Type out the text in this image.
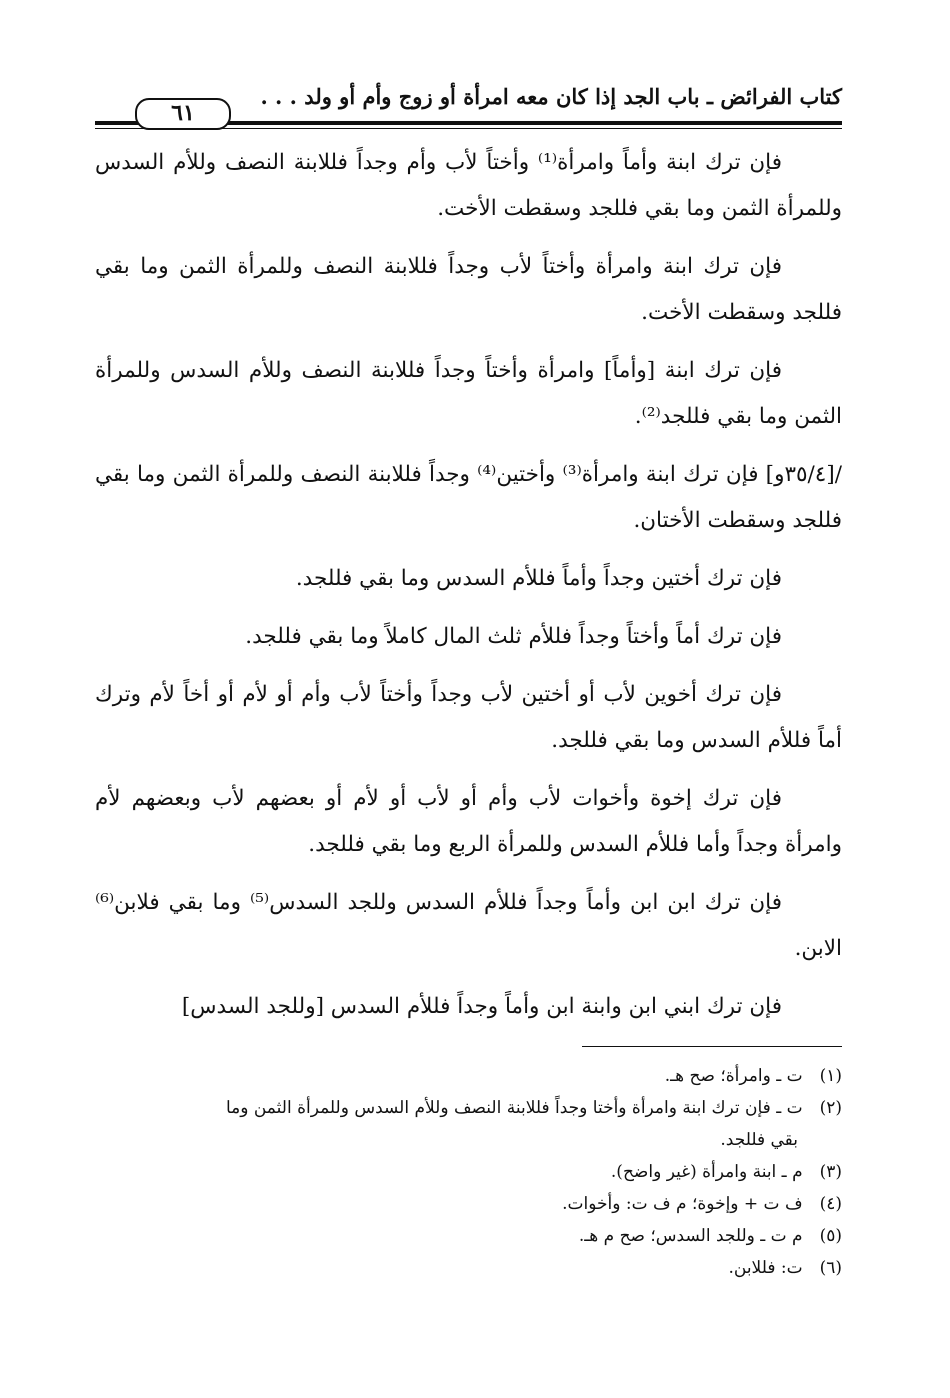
كتاب الفرائض ـ باب الجد إذا كان معه امرأة أو زوج وأم أو ولد . . .
٦١

فإن ترك ابنة وأماً وامرأة⁽¹⁾ وأختاً لأب وأم وجداً فللابنة النصف وللأم السدس وللمرأة الثمن وما بقي فللجد وسقطت الأخت.

فإن ترك ابنة وامرأة وأختاً لأب وجداً فللابنة النصف وللمرأة الثمن وما بقي فللجد وسقطت الأخت.

فإن ترك ابنة [وأماً] وامرأة وأختاً وجداً فللابنة النصف وللأم السدس وللمرأة الثمن وما بقي فللجد⁽²⁾.

/[٣٥/٤و] فإن ترك ابنة وامرأة⁽³⁾ وأختين⁽⁴⁾ وجداً فللابنة النصف وللمرأة الثمن وما بقي فللجد وسقطت الأختان.

فإن ترك أختين وجداً وأماً فللأم السدس وما بقي فللجد.

فإن ترك أماً وأختاً وجداً فللأم ثلث المال كاملاً وما بقي فللجد.

فإن ترك أخوين لأب أو أختين لأب وجداً وأختاً لأب وأم أو لأم أو أخاً لأم وترك أماً فللأم السدس وما بقي فللجد.

فإن ترك إخوة وأخوات لأب وأم أو لأب أو لأم أو بعضهم لأب وبعضهم لأم وامرأة وجداً وأما فللأم السدس وللمرأة الربع وما بقي فللجد.

فإن ترك ابن ابن وأماً وجداً فللأم السدس وللجد السدس⁽⁵⁾ وما بقي فلابن⁽⁶⁾ الابن.

فإن ترك ابني ابن وابنة ابن وأماً وجداً فللأم السدس [وللجد السدس]

(١) ت ـ وامرأة؛ صح هـ.

(٢) ت ـ فإن ترك ابنة وامرأة وأختا وجداً فللابنة النصف وللأم السدس وللمرأة الثمن وما

بقي فللجد.

(٣) م ـ ابنة وامرأة (غير واضح).

(٤) ف ت + وإخوة؛ م ف ت: وأخوات.

(٥) م ت ـ وللجد السدس؛ صح م هـ.

(٦) ت: فللابن.
